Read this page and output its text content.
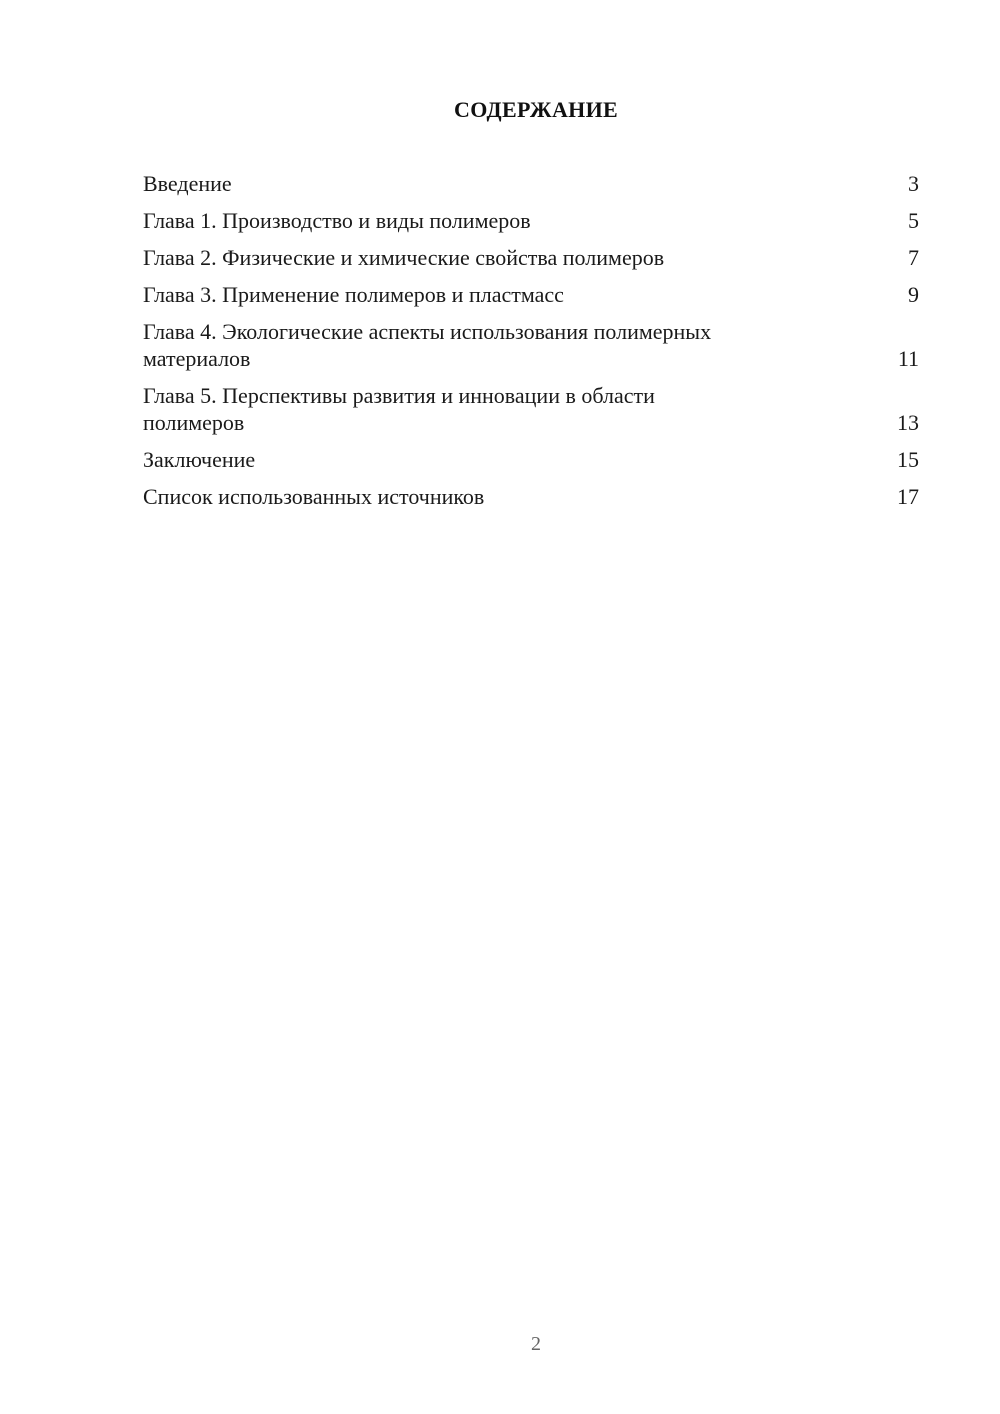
СОДЕРЖАНИЕ
Введение	3
Глава 1. Производство и виды полимеров	5
Глава 2. Физические и химические свойства полимеров	7
Глава 3. Применение полимеров и пластмасс	9
Глава 4. Экологические аспекты использования полимерных
материалов	11
Глава 5. Перспективы развития и инновации в области
полимеров	13
Заключение	15
Список использованных источников	17
2
